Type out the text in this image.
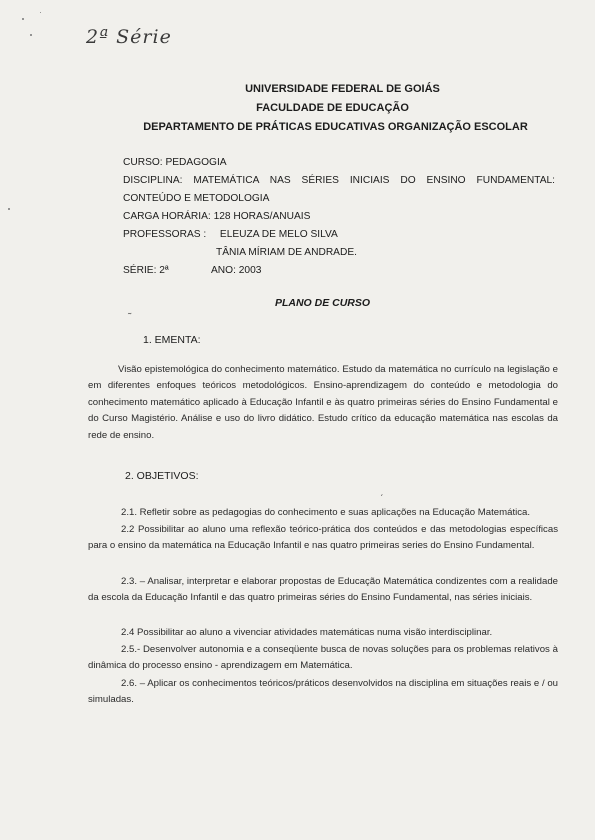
2ª Série
UNIVERSIDADE FEDERAL DE GOIÁS
FACULDADE DE EDUCAÇÃO
DEPARTAMENTO DE PRÁTICAS EDUCATIVAS ORGANIZAÇÃO ESCOLAR
CURSO: PEDAGOGIA
DISCIPLINA: MATEMÁTICA NAS SÉRIES INICIAIS DO ENSINO FUNDAMENTAL:
CONTEÚDO E METODOLOGIA
CARGA HORÁRIA: 128 HORAS/ANUAIS
PROFESSORAS : ELEUZA DE MELO SILVA
TÂNIA MÍRIAM DE ANDRADE.
SÉRIE: 2ª	ANO: 2003
PLANO DE CURSO
˜
1. EMENTA:
Visão epistemológica do conhecimento matemático. Estudo da matemática no currículo na legislação e em diferentes enfoques teóricos metodológicos. Ensino-aprendizagem do conteúdo e metodologia do conhecimento matemático aplicado à Educação Infantil e às quatro primeiras séries do Ensino Fundamental e do Curso Magistério. Análise e uso do livro didático. Estudo crítico da educação matemática nas escolas da rede de ensino.
2. OBJETIVOS:
ˊ
2.1. Refletir sobre as pedagogias do conhecimento e suas aplicações na Educação Matemática.
2.2 Possibilitar ao aluno uma reflexão teórico-prática dos conteúdos e das metodologias específicas para o ensino da matemática na Educação Infantil e nas quatro primeiras series do Ensino Fundamental.
2.3. – Analisar, interpretar e elaborar propostas de Educação Matemática condizentes com a realidade da escola da Educação Infantil e das quatro primeiras séries do Ensino Fundamental, nas séries iniciais.
2.4 Possibilitar ao aluno a vivenciar atividades matemáticas numa visão interdisciplinar.
2.5.- Desenvolver autonomia e a conseqüente busca de novas soluções para os problemas relativos à dinâmica do processo ensino - aprendizagem em Matemática.
2.6. – Aplicar os conhecimentos teóricos/práticos desenvolvidos na disciplina em situações reais e / ou simuladas.
